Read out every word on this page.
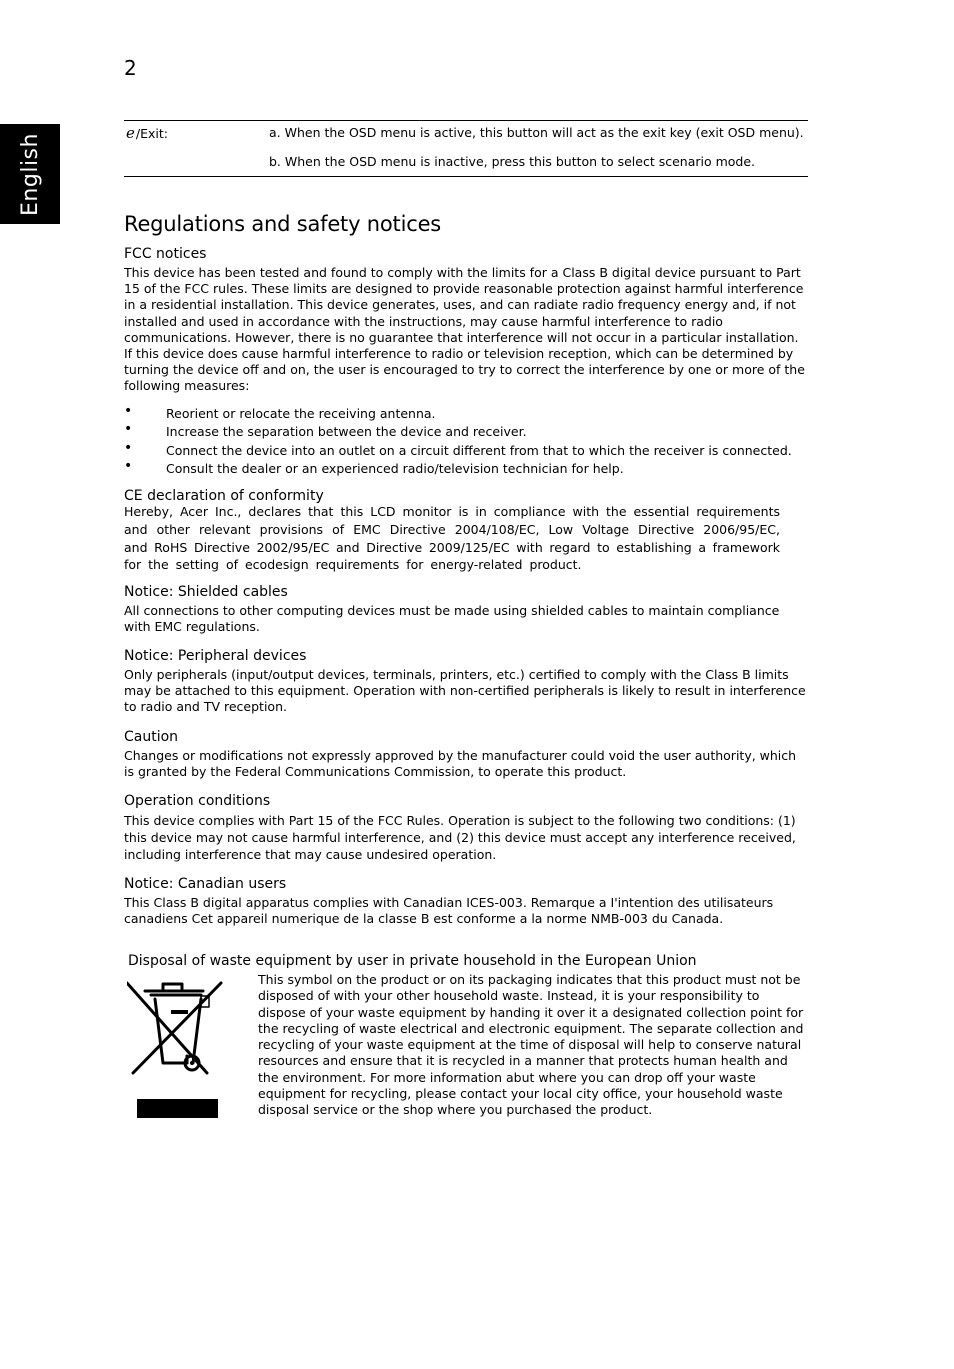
2
English	e /Exit:	a. When the OSD menu is active, this button will act as the exit key (exit OSD menu).
b. When the OSD menu is inactive, press this button to select scenario mode.
Regulations and safety notices
FCC notices

This device has been tested and found to comply with the limits for a Class B digital device pursuant to Part 15 of the FCC rules. These limits are designed to provide reasonable protection against harmful interference in a residential installation. This device generates, uses, and can radiate radio frequency energy and, if not installed and used in accordance with the instructions, may cause harmful interference to radio communications. However, there is no guarantee that interference will not occur in a particular installation. If this device does cause harmful interference to radio or television reception, which can be determined by turning the device off and on, the user is encouraged to try to correct the interference by one or more of the following measures:

•	Reorient or relocate the receiving antenna.
•	Increase the separation between the device and receiver.
•	Connect the device into an outlet on a circuit different from that to which the receiver is connected.
•	Consult the dealer or an experienced radio/television technician for help.
CE declaration of conformity
Hereby, Acer Inc., declares that this LCD monitor is in compliance with the essential requirements
and other relevant provisions of EMC Directive 2004/108/EC, Low Voltage Directive 2006/95/EC,
and RoHS Directive 2002/95/EC and Directive 2009/125/EC with regard to establishing a framework
for the setting of ecodesign requirements for energy-related product.
Notice: Shielded cables

All connections to other computing devices must be made using shielded cables to maintain compliance with EMC regulations.

Notice: Peripheral devices

Only peripherals (input/output devices, terminals, printers, etc.) certified to comply with the Class B limits may be attached to this equipment. Operation with non-certified peripherals is likely to result in interference to radio and TV reception.

Caution

Changes or modifications not expressly approved by the manufacturer could void the user authority, which is granted by the Federal Communications Commission, to operate this product.

Operation conditions

This device complies with Part 15 of the FCC Rules. Operation is subject to the following two conditions: (1) this device may not cause harmful interference, and (2) this device must accept any interference received, including interference that may cause undesired operation.

Notice: Canadian users

This Class B digital apparatus complies with Canadian ICES-003. Remarque a I'intention des utilisateurs canadiens Cet appareil numerique de la classe B est conforme a la norme NMB-003 du Canada.

Disposal of waste equipment by user in private household in the European Union
This symbol on the product or on its packaging indicates that this product must not be disposed of with your other household waste. Instead, it is your responsibility to dispose of your waste equipment by handing it over it a designated collection point for the recycling of waste electrical and electronic equipment. The separate collection and recycling of your waste equipment at the time of disposal will help to conserve natural resources and ensure that it is recycled in a manner that protects human health and the environment. For more information abut where you can drop off your waste equipment for recycling, please contact your local city office, your household waste disposal service or the shop where you purchased the product.
